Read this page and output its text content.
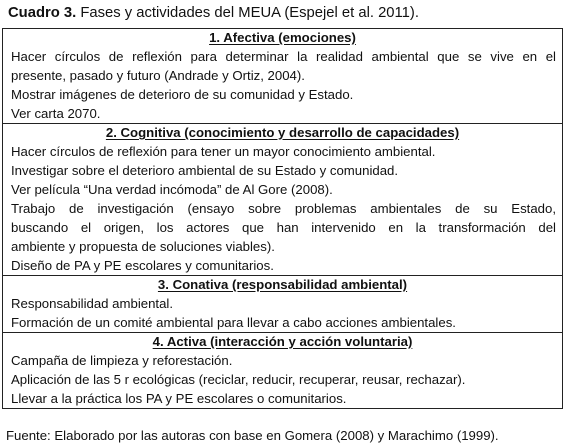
Cuadro 3. Fases y actividades del MEUA (Espejel et al. 2011).
1. Afectiva (emociones)
Hacer círculos de reflexión para determinar la realidad ambiental que se vive en el
presente, pasado y futuro (Andrade y Ortiz, 2004).
Mostrar imágenes de deterioro de su comunidad y Estado.
Ver carta 2070.
2. Cognitiva (conocimiento y desarrollo de capacidades)
Hacer círculos de reflexión para tener un mayor conocimiento ambiental.
Investigar sobre el deterioro ambiental de su Estado y comunidad.
Ver película “Una verdad incómoda” de Al Gore (2008).
Trabajo de investigación (ensayo sobre problemas ambientales de su Estado,
buscando el origen, los actores que han intervenido en la transformación del
ambiente y propuesta de soluciones viables).
Diseño de PA y PE escolares y comunitarios.
3. Conativa (responsabilidad ambiental)
Responsabilidad ambiental.
Formación de un comité ambiental para llevar a cabo acciones ambientales.
4. Activa (interacción y acción voluntaria)
Campaña de limpieza y reforestación.
Aplicación de las 5 r ecológicas (reciclar, reducir, recuperar, reusar, rechazar).
Llevar a la práctica los PA y PE escolares o comunitarios.
Fuente: Elaborado por las autoras con base en Gomera (2008) y Marachimo (1999).
